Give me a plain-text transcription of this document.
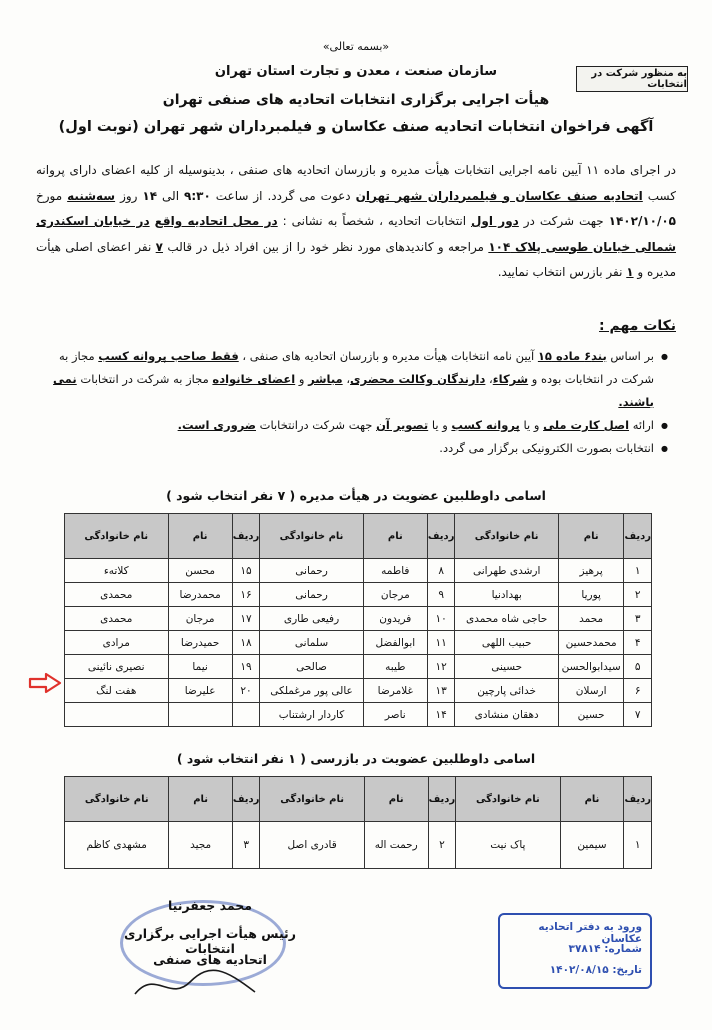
«بسمه تعالی»
سازمان صنعت ، معدن و تجارت استان تهران
هیأت اجرایی برگزاری انتخابات اتحادیه های صنفی تهران
آگهی فراخوان انتخابات اتحادیه صنف عکاسان و فیلمبرداران شهر تهران (نوبت اول)
به منظور شرکت در انتخابات
در اجرای ماده ۱۱ آیین نامه اجرایی انتخابات هیأت مدیره و بازرسان اتحادیه های صنفی ، بدینوسیله از کلیه اعضای دارای پروانه کسب اتحادیه صنف عکاسان و فیلمبرداران شهر تهران دعوت می گردد. از ساعت ۹:۳۰ الی ۱۴ روز سه‌شنبه مورخ ۱۴۰۲/۱۰/۰۵ جهت شرکت در دور اول انتخابات اتحادیه ، شخصاً به نشانی : در محل اتحادیه واقع در خیابان اسکندری شمالی خیابان طوسی پلاک ۱۰۴ مراجعه و کاندیدهای مورد نظر خود را از بین افراد ذیل در قالب ۷ نفر اعضای اصلی هیأت مدیره و ۱ نفر بازرس انتخاب نمایید.
نکات مهم :
● بر اساس بند۶ ماده ۱۵ آیین نامه انتخابات هیأت مدیره و بازرسان اتحادیه های صنفی ، فقط صاحب پروانه کسب مجاز به شرکت در انتخابات بوده و شرکاء، دارندگان وکالت محضری، مباشر و اعضای خانواده مجاز به شرکت در انتخابات نمی باشند.
● ارائه اصل کارت ملی و یا پروانه کسب و یا تصویر آن جهت شرکت درانتخابات ضروری است.
● انتخابات بصورت الکترونیکی برگزار می گردد.
اسامی داوطلبین عضویت در هیأت مدیره ( ۷ نفر انتخاب شود )
ردیف	نام	نام خانوادگی	ردیف	نام	نام خانوادگی	ردیف	نام	نام خانوادگی
۱	پرهیز	ارشدی طهرانی	۸	فاطمه	رحمانی	۱۵	محسن	کلاته‌ء
۲	پوریا	بهدادنیا	۹	مرجان	رحمانی	۱۶	محمدرضا	محمدی
۳	محمد	حاجی شاه محمدی	۱۰	فریدون	رفیعی طاری	۱۷	مرجان	محمدی
۴	محمدحسین	حبیب اللهی	۱۱	ابوالفضل	سلمانی	۱۸	حمیدرضا	مرادی
۵	سیدابوالحسن	حسینی	۱۲	طیبه	صالحی	۱۹	نیما	نصیری نائینی
۶	ارسلان	خدائی پارچین	۱۳	غلامرضا	عالی پور مرغملکی	۲۰	علیرضا	هفت لنگ
۷	حسین	دهقان منشادی	۱۴	ناصر	کاردار ارشتناب			
اسامی داوطلبین عضویت در بازرسی ( ۱ نفر انتخاب شود )
ردیف	نام	نام خانوادگی	ردیف	نام	نام خانوادگی	ردیف	نام	نام خانوادگی
۱	سیمین	پاک نیت	۲	رحمت اله	قادری اصل	۳	مجید	مشهدی کاظم
محمد جعفرنیا
رئیس هیأت اجرایی برگزاری انتخابات
اتحادیه های صنفی
ورود به دفتر اتحادیه عکاسان
شماره: ۳۷۸۱۴
تاریخ: ۱۴۰۲/۰۸/۱۵
